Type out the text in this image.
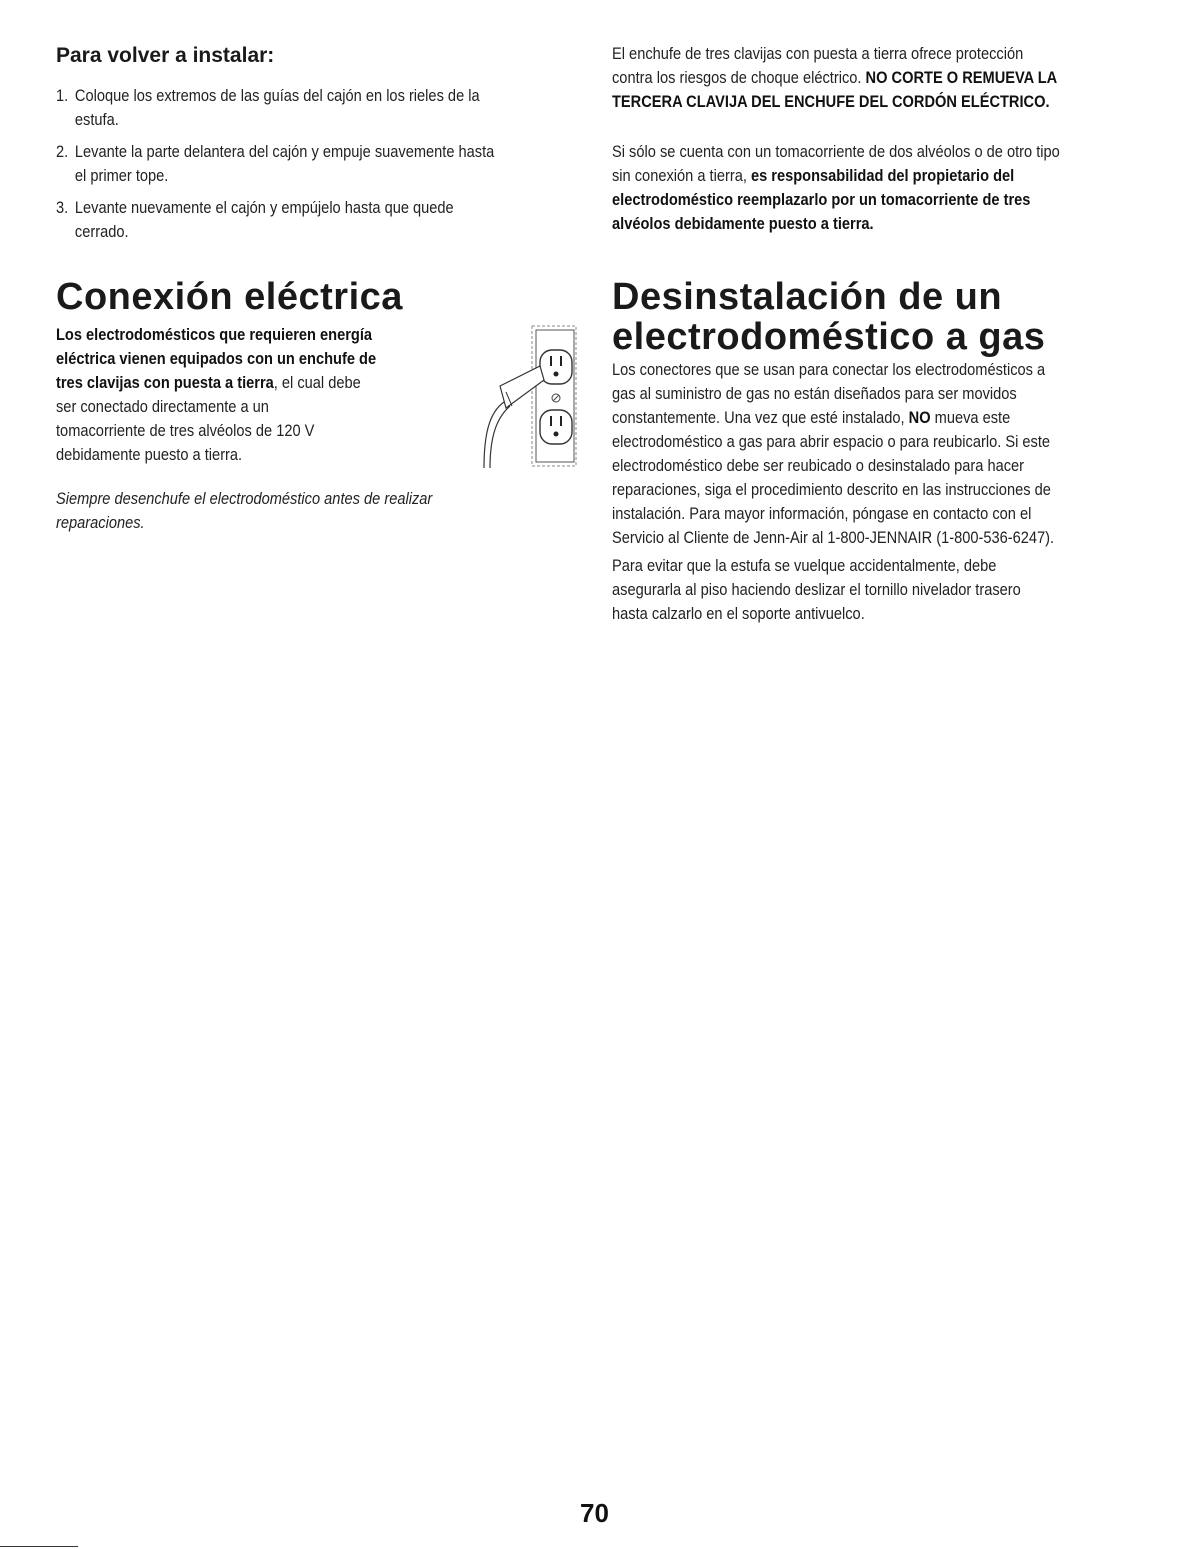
Para volver a instalar:
1. Coloque los extremos de las guías del cajón en los rieles de la
estufa.
2. Levante la parte delantera del cajón y empuje suavemente hasta
el primer tope.
3. Levante nuevamente el cajón y empújelo hasta que quede
cerrado.
Conexión eléctrica
Los electrodomésticos que requieren energía
eléctrica vienen equipados con un enchufe de
tres clavijas con puesta a tierra, el cual debe
ser conectado directamente a un
tomacorriente de tres alvéolos de 120 V
debidamente puesto a tierra.
Siempre desenchufe el electrodoméstico antes de realizar
reparaciones.
El enchufe de tres clavijas con puesta a tierra ofrece protección
contra los riesgos de choque eléctrico. NO CORTE O REMUEVA LA
TERCERA CLAVIJA DEL ENCHUFE DEL CORDÓN ELÉCTRICO.
Si sólo se cuenta con un tomacorriente de dos alvéolos o de otro tipo
sin conexión a tierra, es responsabilidad del propietario del
electrodoméstico reemplazarlo por un tomacorriente de tres
alvéolos debidamente puesto a tierra.
Desinstalación de un
electrodoméstico a gas
Los conectores que se usan para conectar los electrodomésticos a
gas al suministro de gas no están diseñados para ser movidos
constantemente. Una vez que esté instalado, NO mueva este
electrodoméstico a gas para abrir espacio o para reubicarlo. Si este
electrodoméstico debe ser reubicado o desinstalado para hacer
reparaciones, siga el procedimiento descrito en las instrucciones de
instalación. Para mayor información, póngase en contacto con el
Servicio al Cliente de Jenn-Air al 1-800-JENNAIR (1-800-536-6247).
Para evitar que la estufa se vuelque accidentalmente, debe
asegurarla al piso haciendo deslizar el tornillo nivelador trasero
hasta calzarlo en el soporte antivuelco.
70
